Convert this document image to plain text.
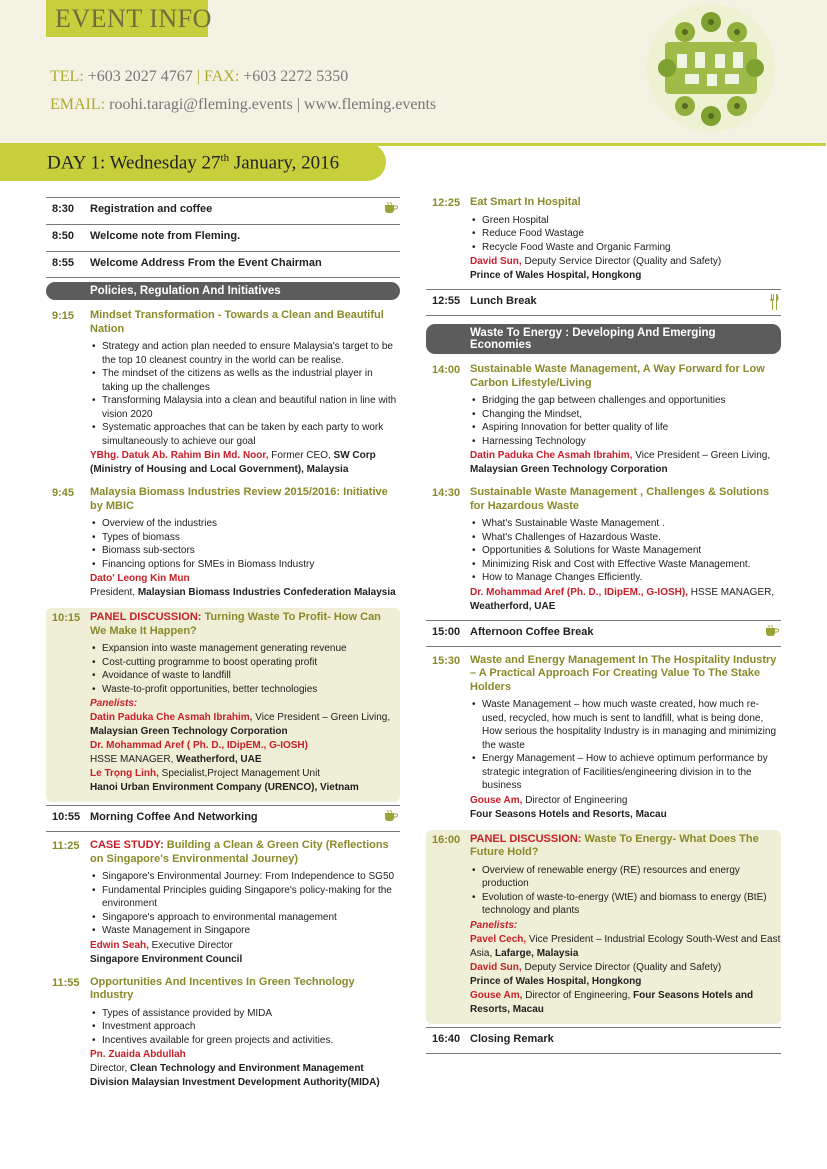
EVENT INFO
TEL: +603 2027 4767 | FAX: +603 2272 5350
EMAIL: roohi.taragi@fleming.events | www.fleming.events
DAY 1: Wednesday 27th January, 2016
8:30 Registration and coffee
8:50 Welcome note from Fleming.
8:55 Welcome Address From the Event Chairman
Policies, Regulation And Initiatives
9:15 Mindset Transformation - Towards a Clean and Beautiful Nation
• Strategy and action plan needed to ensure Malaysia's target to be the top 10 cleanest country in the world can be realise.
• The mindset of the citizens as wells as the industrial player in taking up the challenges
• Transforming Malaysia into a clean and beautiful nation in line with vision 2020
• Systematic approaches that can be taken by each party to work simultaneously to achieve our goal
YBhg. Datuk Ab. Rahim Bin Md. Noor, Former CEO, SW Corp (Ministry of Housing and Local Government), Malaysia
9:45 Malaysia Biomass Industries Review 2015/2016: Initiative by MBIC
• Overview of the industries
• Types of biomass
• Biomass sub-sectors
• Financing options for SMEs in Biomass Industry
Dato' Leong Kin Mun
President, Malaysian Biomass Industries Confederation Malaysia
10:15 PANEL DISCUSSION: Turning Waste To Profit- How Can We Make It Happen?
• Expansion into waste management generating revenue
• Cost-cutting programme to boost operating profit
• Avoidance of waste to landfill
• Waste-to-profit opportunities, better technologies
Panelists:
Datin Paduka Che Asmah Ibrahim, Vice President – Green Living, Malaysian Green Technology Corporation
Dr. Mohammad Aref ( Ph. D., IDipEM., G-IOSH)
HSSE MANAGER, Weatherford, UAE
Le Trọng Linh, Specialist,Project Management Unit
Hanoi Urban Environment Company (URENCO), Vietnam
10:55 Morning Coffee And Networking
11:25 CASE STUDY: Building a Clean & Green City (Reflections on Singapore's Environmental Journey)
• Singapore's Environmental Journey: From Independence to SG50
• Fundamental Principles guiding Singapore's policy-making for the environment
• Singapore's approach to environmental management
• Waste Management in Singapore
Edwin Seah, Executive Director
Singapore Environment Council
11:55 Opportunities And Incentives In Green Technology Industry
• Types of assistance provided by MIDA
• Investment approach
• Incentives available for green projects and activities.
Pn. Zuaida Abdullah
Director, Clean Technology and Environment Management Division Malaysian Investment Development Authority(MIDA)
12:25 Eat Smart In Hospital
• Green Hospital
• Reduce Food Wastage
• Recycle Food Waste and Organic Farming
David Sun, Deputy Service Director (Quality and Safety)
Prince of Wales Hospital, Hongkong
12:55 Lunch Break
Waste To Energy : Developing And Emerging Economies
14:00 Sustainable Waste Management, A Way Forward for Low Carbon Lifestyle/Living
• Bridging the gap between challenges and opportunities
• Changing the Mindset,
• Aspiring Innovation for better quality of life
• Harnessing Technology
Datin Paduka Che Asmah Ibrahim, Vice President – Green Living, Malaysian Green Technology Corporation
14:30 Sustainable Waste Management , Challenges & Solutions for Hazardous Waste
• What's Sustainable Waste Management .
• What's Challenges of Hazardous Waste.
• Opportunities & Solutions for Waste Management
• Minimizing Risk and Cost with Effective Waste Management.
• How to Manage Changes Efficiently.
Dr. Mohammad Aref (Ph. D., IDipEM., G-IOSH), HSSE MANAGER, Weatherford, UAE
15:00 Afternoon Coffee Break
15:30 Waste and Energy Management In The Hospitality Industry – A Practical Approach For Creating Value To The Stake Holders
• Waste Management – how much waste created, how much re-used, recycled, how much is sent to landfill, what is being done, How serious the hospitality Industry is in managing and minimizing the waste
• Energy Management – How to achieve optimum performance by strategic integration of Facilities/engineering division in to the business
Gouse Am, Director of Engineering
Four Seasons Hotels and Resorts, Macau
16:00 PANEL DISCUSSION: Waste To Energy- What Does The Future Hold?
• Overview of renewable energy (RE) resources and energy production
• Evolution of waste-to-energy (WtE) and biomass to energy (BtE) technology and plants
Panelists:
Pavel Cech, Vice President – Industrial Ecology South-West and East Asia, Lafarge, Malaysia
David Sun, Deputy Service Director (Quality and Safety)
Prince of Wales Hospital, Hongkong
Gouse Am, Director of Engineering, Four Seasons Hotels and Resorts, Macau
16:40 Closing Remark
